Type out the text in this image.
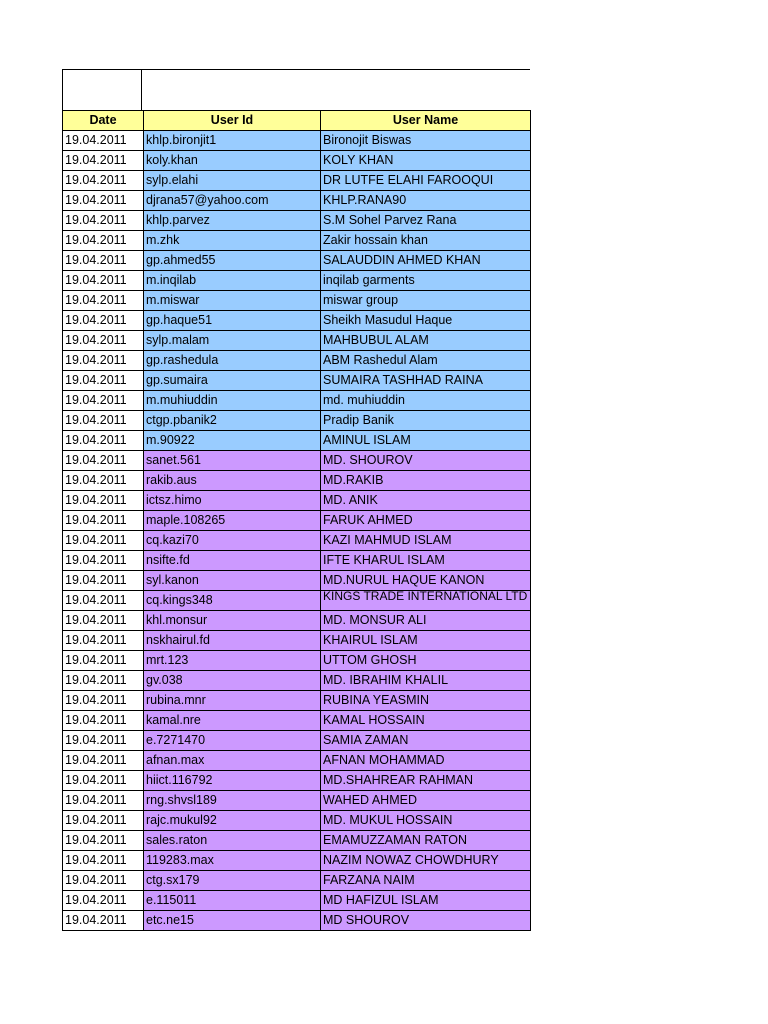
Date	User Id	User Name
19.04.2011	khlp.bironjit1	Bironojit Biswas
19.04.2011	koly.khan	KOLY KHAN
19.04.2011	sylp.elahi	DR LUTFE ELAHI FAROOQUI
19.04.2011	djrana57@yahoo.com	KHLP.RANA90
19.04.2011	khlp.parvez	S.M Sohel Parvez Rana
19.04.2011	m.zhk	Zakir hossain khan
19.04.2011	gp.ahmed55	SALAUDDIN AHMED KHAN
19.04.2011	m.inqilab	inqilab garments
19.04.2011	m.miswar	miswar group
19.04.2011	gp.haque51	Sheikh Masudul Haque
19.04.2011	sylp.malam	MAHBUBUL ALAM
19.04.2011	gp.rashedula	ABM Rashedul Alam
19.04.2011	gp.sumaira	SUMAIRA TASHHAD RAINA
19.04.2011	m.muhiuddin	md. muhiuddin
19.04.2011	ctgp.pbanik2	Pradip Banik
19.04.2011	m.90922	AMINUL ISLAM
19.04.2011	sanet.561	MD. SHOUROV
19.04.2011	rakib.aus	MD.RAKIB
19.04.2011	ictsz.himo	MD. ANIK
19.04.2011	maple.108265	FARUK AHMED
19.04.2011	cq.kazi70	KAZI MAHMUD ISLAM
19.04.2011	nsifte.fd	IFTE KHARUL ISLAM
19.04.2011	syl.kanon	MD.NURUL HAQUE KANON
19.04.2011	cq.kings348	KINGS TRADE INTERNATIONAL LTD
19.04.2011	khl.monsur	MD. MONSUR ALI
19.04.2011	nskhairul.fd	KHAIRUL ISLAM
19.04.2011	mrt.123	UTTOM GHOSH
19.04.2011	gv.038	MD. IBRAHIM KHALIL
19.04.2011	rubina.mnr	RUBINA YEASMIN
19.04.2011	kamal.nre	KAMAL HOSSAIN
19.04.2011	e.7271470	SAMIA ZAMAN
19.04.2011	afnan.max	AFNAN MOHAMMAD
19.04.2011	hiict.116792	MD.SHAHREAR RAHMAN
19.04.2011	rng.shvsl189	WAHED AHMED
19.04.2011	rajc.mukul92	MD. MUKUL HOSSAIN
19.04.2011	sales.raton	EMAMUZZAMAN RATON
19.04.2011	119283.max	NAZIM NOWAZ CHOWDHURY
19.04.2011	ctg.sx179	FARZANA NAIM
19.04.2011	e.115011	MD HAFIZUL ISLAM
19.04.2011	etc.ne15	MD SHOUROV
